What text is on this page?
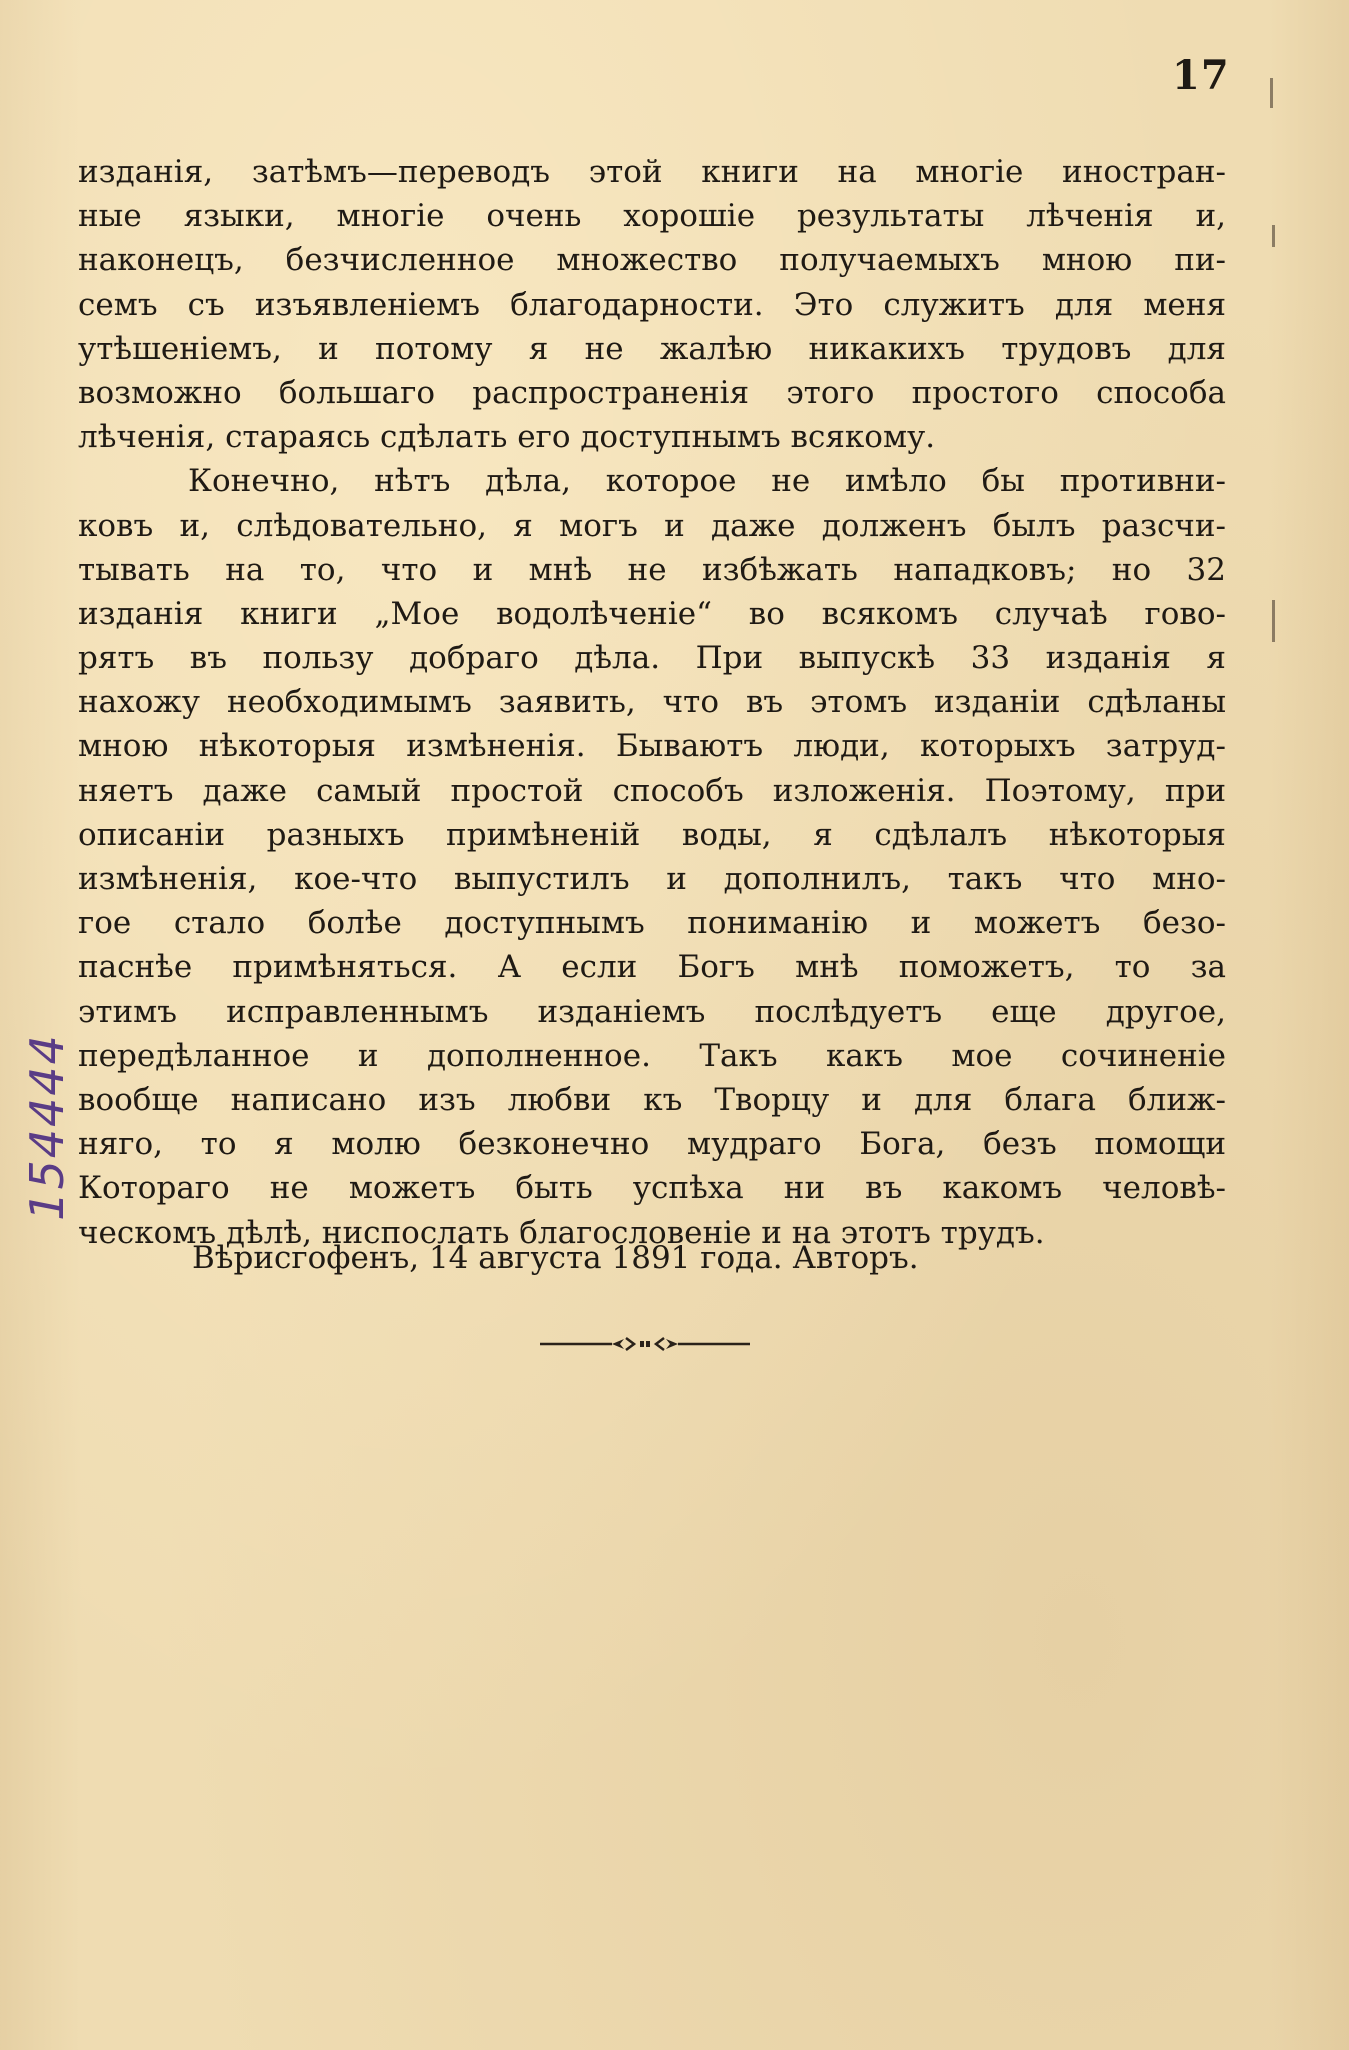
17
изданія, затѣмъ—переводъ этой книги на многіе иностран-
ные языки, многіе очень хорошіе результаты лѣченія и,
наконецъ, безчисленное множество получаемыхъ мною пи-
семъ съ изъявленіемъ благодарности. Это служитъ для меня
утѣшеніемъ, и потому я не жалѣю никакихъ трудовъ для
возможно большаго распространенія этого простого способа
лѣченія, стараясь сдѣлать его доступнымъ всякому.
Конечно, нѣтъ дѣла, которое не имѣло бы противни-
ковъ и, слѣдовательно, я могъ и даже долженъ былъ разсчи-
тывать на то, что и мнѣ не избѣжать нападковъ; но 32
изданія книги „Мое водолѣченіе“ во всякомъ случаѣ гово-
рятъ въ пользу добраго дѣла. При выпускѣ 33 изданія я
нахожу необходимымъ заявить, что въ этомъ изданіи сдѣланы
мною нѣкоторыя измѣненія. Бываютъ люди, которыхъ затруд-
няетъ даже самый простой способъ изложенія. Поэтому, при
описаніи разныхъ примѣненій воды, я сдѣлалъ нѣкоторыя
измѣненія, кое-что выпустилъ и дополнилъ, такъ что мно-
гое стало болѣе доступнымъ пониманію и можетъ безо-
паснѣе примѣняться. А если Богъ мнѣ поможетъ, то за
этимъ исправленнымъ изданіемъ послѣдуетъ еще другое,
передѣланное и дополненное. Такъ какъ мое сочиненіе
вообще написано изъ любви къ Творцу и для блага ближ-
няго, то я молю безконечно мудраго Бога, безъ помощи
Котораго не можетъ быть успѣха ни въ какомъ человѣ-
ческомъ дѣлѣ, ниспослать благословеніе и на этотъ трудъ.
Вѣрисгофенъ, 14 августа 1891 года. Авторъ.
154444
